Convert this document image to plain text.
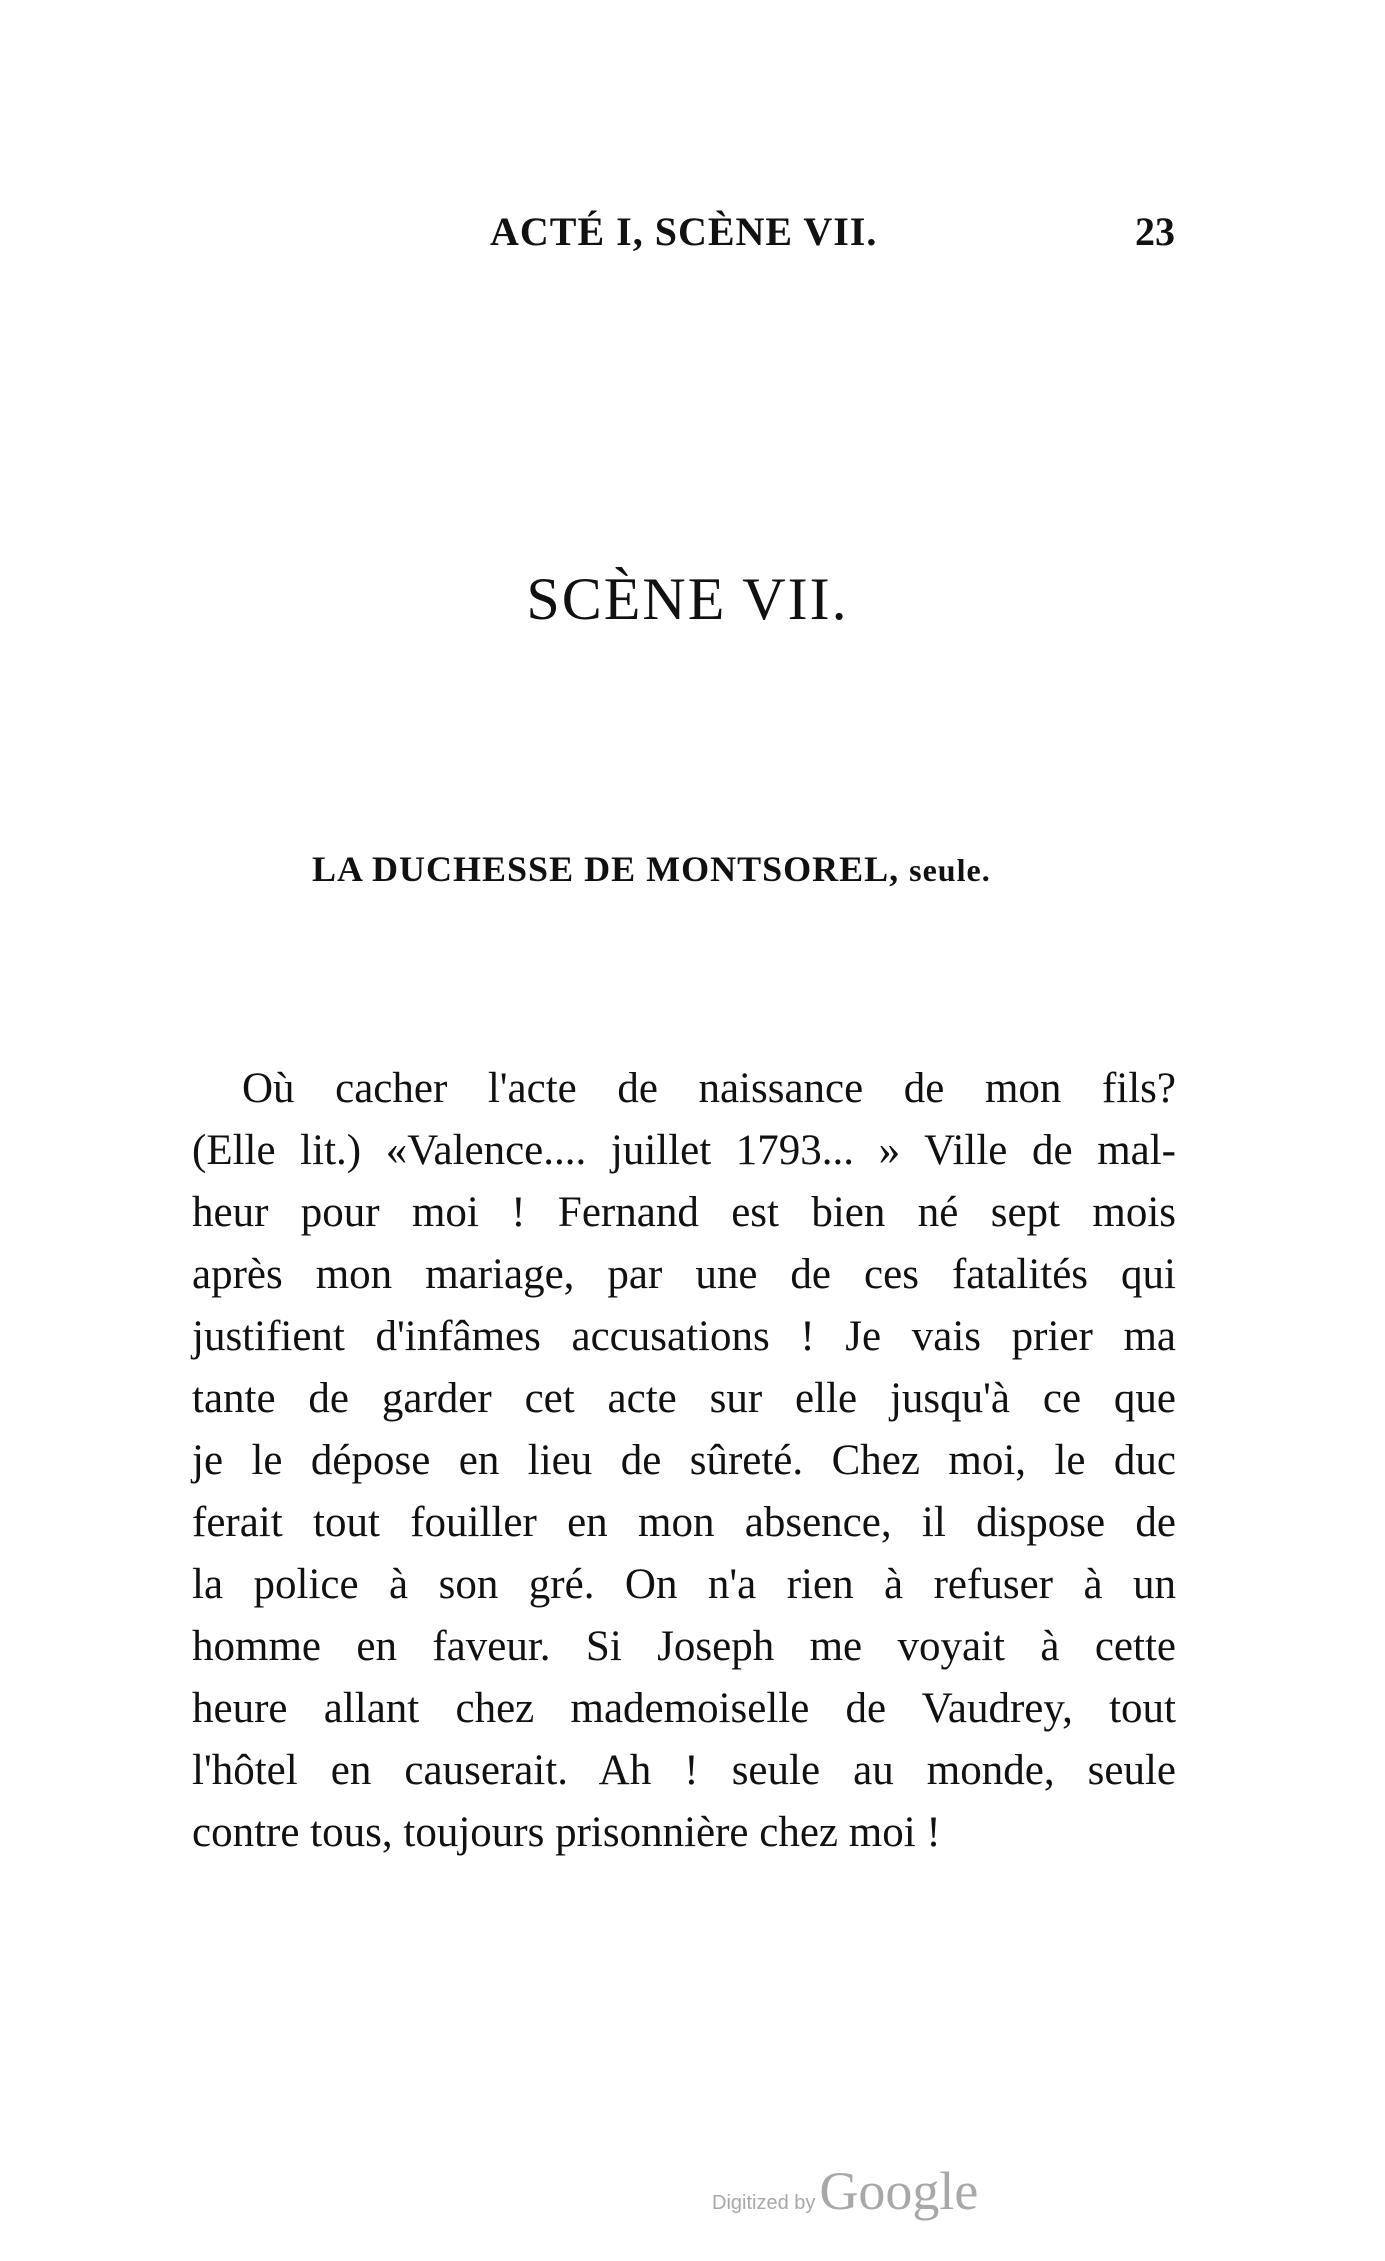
ACTÉ I, SCÈNE VII.	23
SCÈNE VII.
LA DUCHESSE DE MONTSOREL, seule.
Où cacher l'acte de naissance de mon fils?
(Elle lit.) «Valence.... juillet 1793... » Ville de mal-
heur pour moi ! Fernand est bien né sept mois
après mon mariage, par une de ces fatalités qui
justifient d'infâmes accusations ! Je vais prier ma
tante de garder cet acte sur elle jusqu'à ce que
je le dépose en lieu de sûreté. Chez moi, le duc
ferait tout fouiller en mon absence, il dispose de
la police à son gré. On n'a rien à refuser à un
homme en faveur. Si Joseph me voyait à cette
heure allant chez mademoiselle de Vaudrey, tout
l'hôtel en causerait. Ah ! seule au monde, seule
contre tous, toujours prisonnière chez moi !
Digitized by Google
